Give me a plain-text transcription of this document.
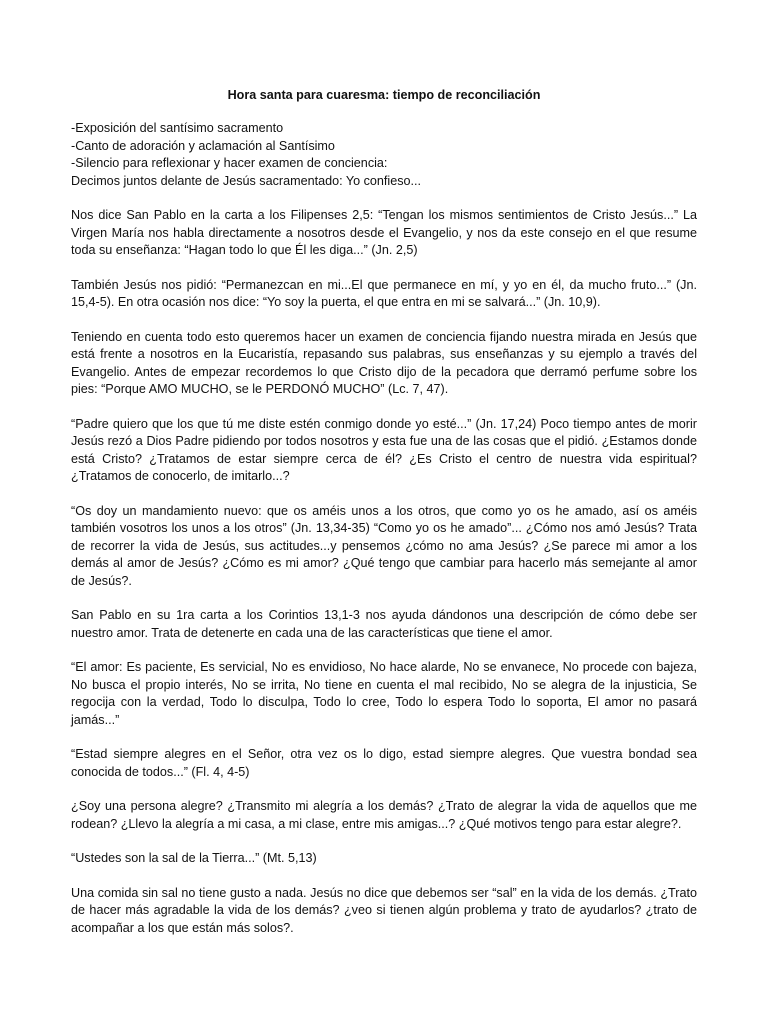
Hora santa para cuaresma: tiempo de reconciliación
-Exposición del santísimo sacramento
-Canto de adoración y aclamación al Santísimo
-Silencio para reflexionar y hacer examen de conciencia:
Decimos juntos delante de Jesús sacramentado: Yo confieso...

Nos dice San Pablo en la carta a los Filipenses 2,5: “Tengan los mismos sentimientos de Cristo Jesús...” La Virgen María nos habla directamente a nosotros desde el Evangelio, y nos da este consejo en el que resume toda su enseñanza: “Hagan todo lo que Él les diga...” (Jn. 2,5)

También Jesús nos pidió: “Permanezcan en mi...El que permanece en mí, y yo en él, da mucho fruto...” (Jn. 15,4-5). En otra ocasión nos dice: “Yo soy la puerta, el que entra en mi se salvará...” (Jn. 10,9).

Teniendo en cuenta todo esto queremos hacer un examen de conciencia fijando nuestra mirada en Jesús que está frente a nosotros en la Eucaristía, repasando sus palabras, sus enseñanzas y su ejemplo a través del Evangelio. Antes de empezar recordemos lo que Cristo dijo de la pecadora que derramó perfume sobre los pies: “Porque AMO MUCHO, se le PERDONÓ MUCHO” (Lc. 7, 47).

“Padre quiero que los que tú me diste estén conmigo donde yo esté...” (Jn. 17,24) Poco tiempo antes de morir Jesús rezó a Dios Padre pidiendo por todos nosotros y esta fue una de las cosas que el pidió. ¿Estamos donde está Cristo? ¿Tratamos de estar siempre cerca de él? ¿Es Cristo el centro de nuestra vida espiritual? ¿Tratamos de conocerlo, de imitarlo...?

“Os doy un mandamiento nuevo: que os améis unos a los otros, que como yo os he amado, así os améis también vosotros los unos a los otros” (Jn. 13,34-35) “Como yo os he amado”... ¿Cómo nos amó Jesús? Trata de recorrer la vida de Jesús, sus actitudes...y pensemos ¿cómo no ama Jesús? ¿Se parece mi amor a los demás al amor de Jesús? ¿Cómo es mi amor? ¿Qué tengo que cambiar para hacerlo más semejante al amor de Jesús?.

San Pablo en su 1ra carta a los Corintios 13,1-3 nos ayuda dándonos una descripción de cómo debe ser nuestro amor. Trata de detenerte en cada una de las características que tiene el amor.

“El amor: Es paciente, Es servicial, No es envidioso, No hace alarde, No se envanece, No procede con bajeza, No busca el propio interés, No se irrita, No tiene en cuenta el mal recibido, No se alegra de la injusticia, Se regocija con la verdad, Todo lo disculpa, Todo lo cree, Todo lo espera Todo lo soporta, El amor no pasará jamás...”

“Estad siempre alegres en el Señor, otra vez os lo digo, estad siempre alegres. Que vuestra bondad sea conocida de todos...” (Fl. 4, 4-5)

¿Soy una persona alegre? ¿Transmito mi alegría a los demás? ¿Trato de alegrar la vida de aquellos que me rodean? ¿Llevo la alegría a mi casa, a mi clase, entre mis amigas...? ¿Qué motivos tengo para estar alegre?.

“Ustedes son la sal de la Tierra...” (Mt. 5,13)

Una comida sin sal no tiene gusto a nada. Jesús no dice que debemos ser “sal” en la vida de los demás. ¿Trato de hacer más agradable la vida de los demás? ¿veo si tienen algún problema y trato de ayudarlos? ¿trato de acompañar a los que están más solos?.
